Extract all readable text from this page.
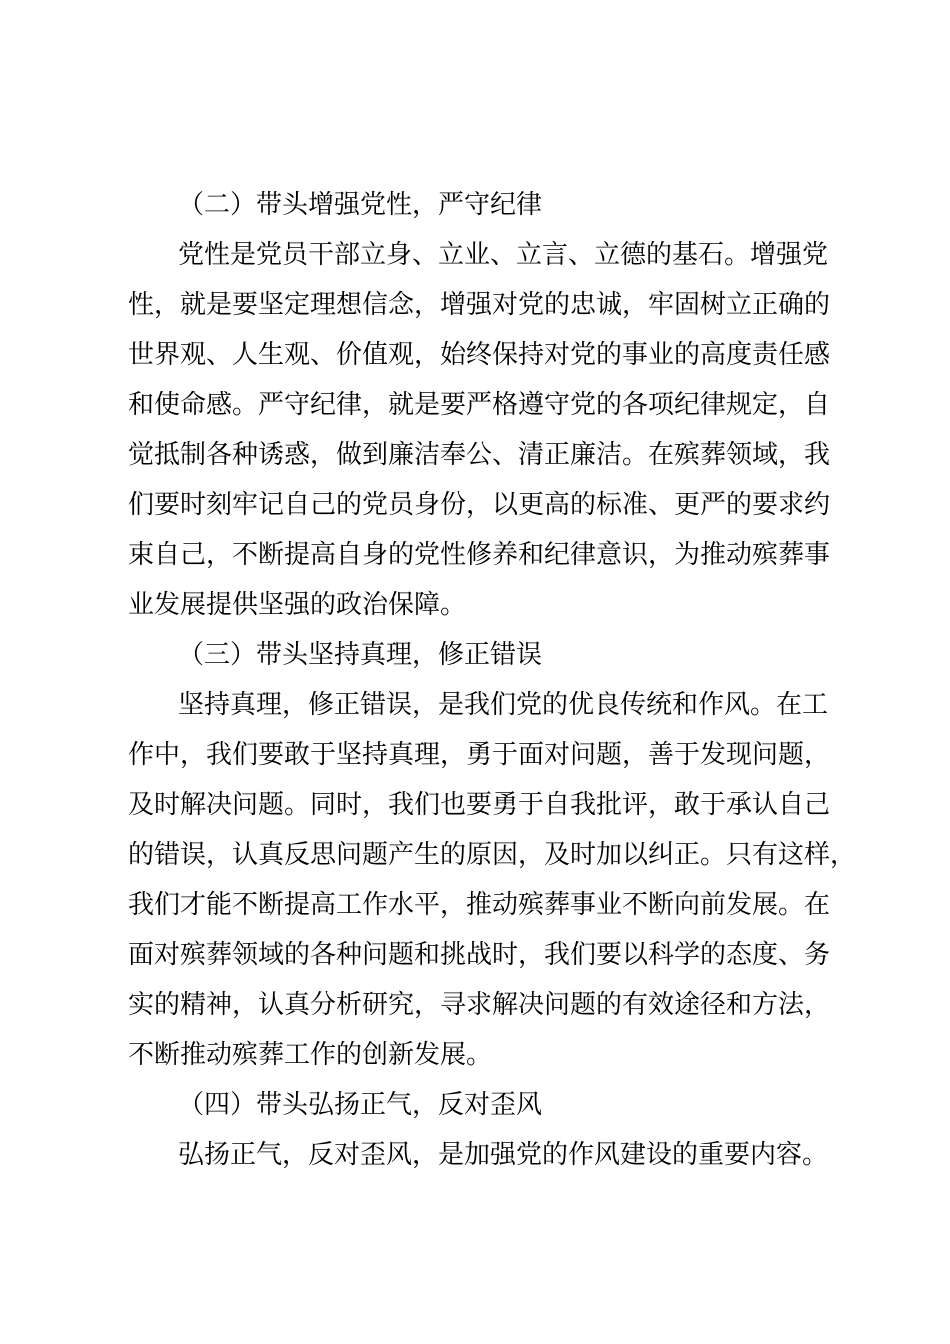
（二）带头增强党性，严守纪律
党性是党员干部立身、立业、立言、立德的基石。增强党
性，就是要坚定理想信念，增强对党的忠诚，牢固树立正确的
世界观、人生观、价值观，始终保持对党的事业的高度责任感
和使命感。严守纪律，就是要严格遵守党的各项纪律规定，自
觉抵制各种诱惑，做到廉洁奉公、清正廉洁。在殡葬领域，我
们要时刻牢记自己的党员身份，以更高的标准、更严的要求约
束自己，不断提高自身的党性修养和纪律意识，为推动殡葬事
业发展提供坚强的政治保障。
（三）带头坚持真理，修正错误
坚持真理，修正错误，是我们党的优良传统和作风。在工
作中，我们要敢于坚持真理，勇于面对问题，善于发现问题，
及时解决问题。同时，我们也要勇于自我批评，敢于承认自己
的错误，认真反思问题产生的原因，及时加以纠正。只有这样，
我们才能不断提高工作水平，推动殡葬事业不断向前发展。在
面对殡葬领域的各种问题和挑战时，我们要以科学的态度、务
实的精神，认真分析研究，寻求解决问题的有效途径和方法，
不断推动殡葬工作的创新发展。
（四）带头弘扬正气，反对歪风
弘扬正气，反对歪风，是加强党的作风建设的重要内容。
